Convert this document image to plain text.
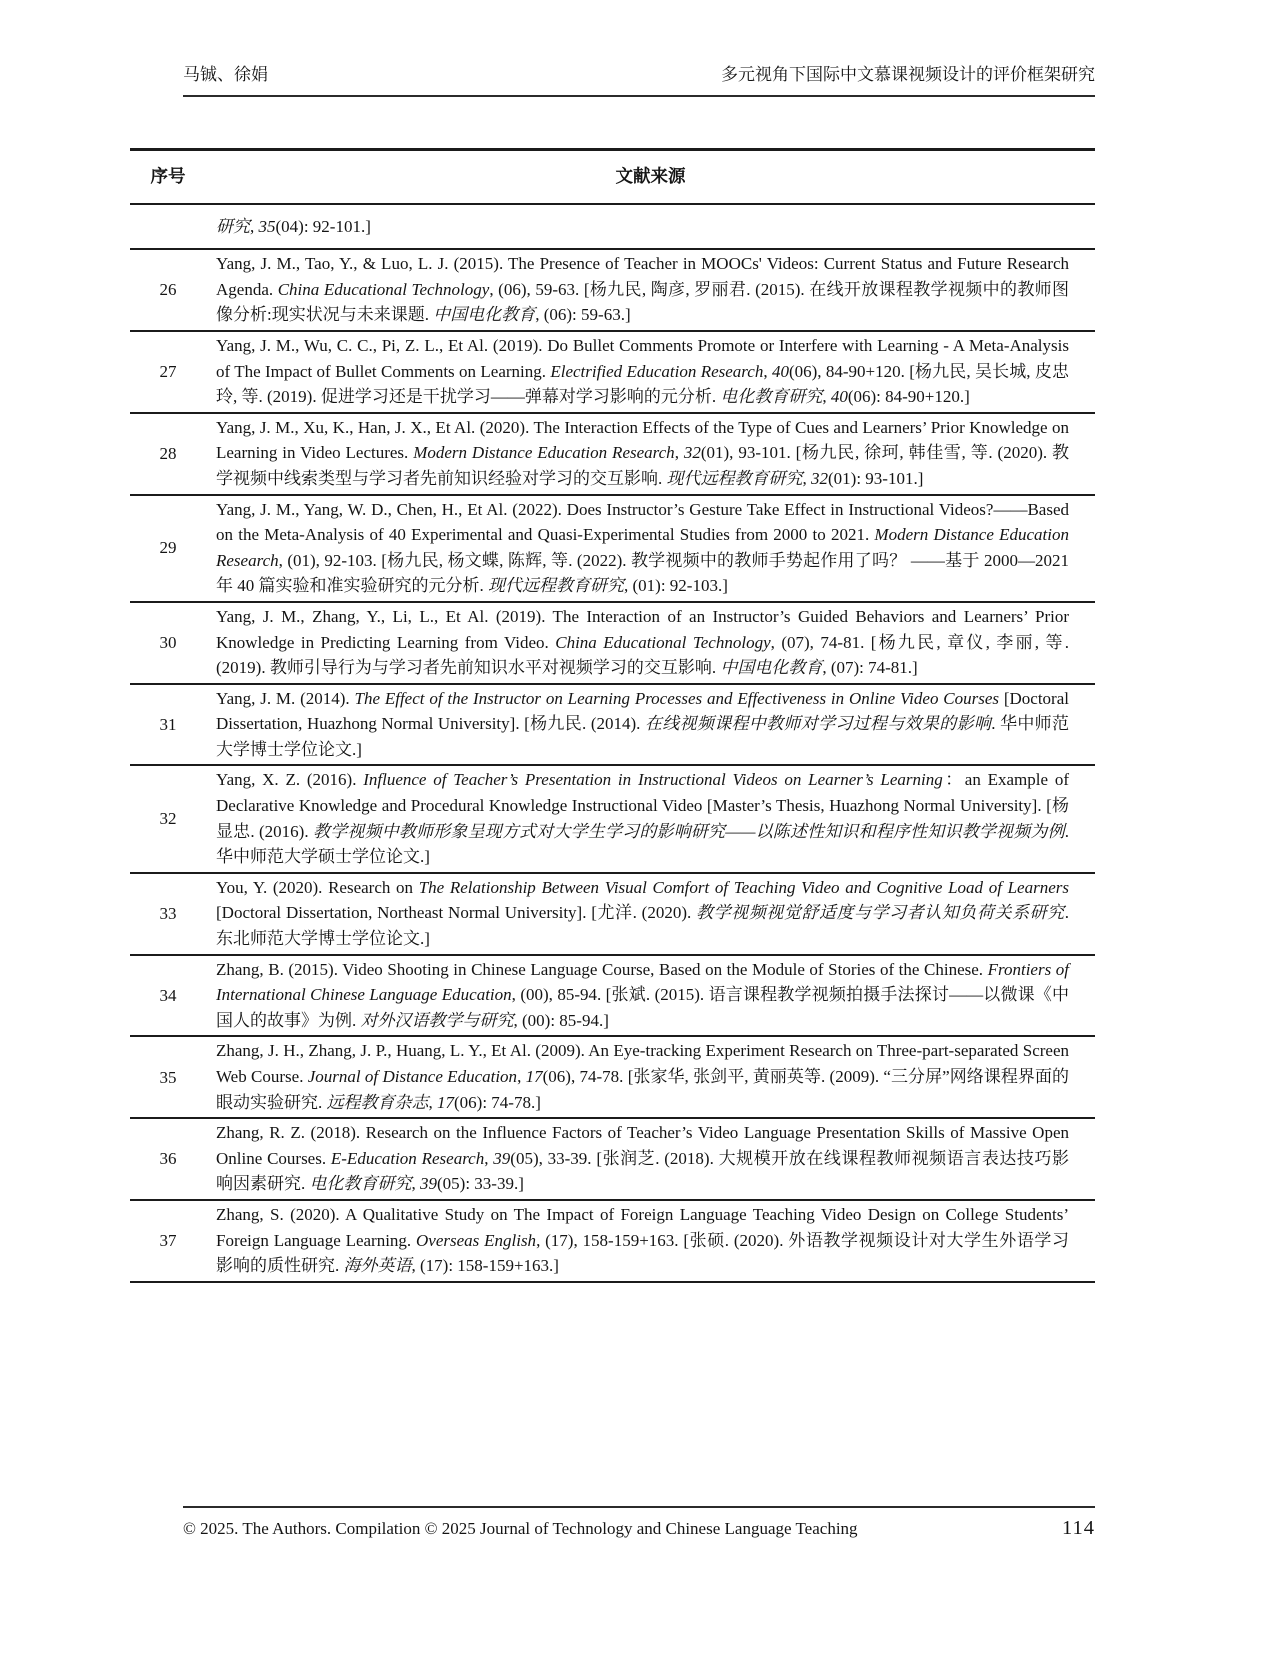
马铖、徐娟	多元视角下国际中文慕课视频设计的评价框架研究
序号	文献来源
	研究, 35(04): 92-101.]
26	Yang, J. M., Tao, Y., & Luo, L. J. (2015). The Presence of Teacher in MOOCs' Videos: Current Status and Future Research Agenda. China Educational Technology, (06), 59-63. [杨九民, 陶彦, 罗丽君. (2015). 在线开放课程教学视频中的教师图像分析:现实状况与未来课题. 中国电化教育, (06): 59-63.]
27	Yang, J. M., Wu, C. C., Pi, Z. L., Et Al. (2019). Do Bullet Comments Promote or Interfere with Learning - A Meta-Analysis of The Impact of Bullet Comments on Learning. Electrified Education Research, 40(06), 84-90+120. [杨九民, 吴长城, 皮忠玲, 等. (2019). 促进学习还是干扰学习——弹幕对学习影响的元分析. 电化教育研究, 40(06): 84-90+120.]
28	Yang, J. M., Xu, K., Han, J. X., Et Al. (2020). The Interaction Effects of the Type of Cues and Learners’ Prior Knowledge on Learning in Video Lectures. Modern Distance Education Research, 32(01), 93-101. [杨九民, 徐珂, 韩佳雪, 等. (2020). 教学视频中线索类型与学习者先前知识经验对学习的交互影响. 现代远程教育研究, 32(01): 93-101.]
29	Yang, J. M., Yang, W. D., Chen, H., Et Al. (2022). Does Instructor’s Gesture Take Effect in Instructional Videos?——Based on the Meta-Analysis of 40 Experimental and Quasi-Experimental Studies from 2000 to 2021. Modern Distance Education Research, (01), 92-103. [杨九民, 杨文蝶, 陈辉, 等. (2022). 教学视频中的教师手势起作用了吗？ ——基于 2000—2021 年 40 篇实验和准实验研究的元分析. 现代远程教育研究, (01): 92-103.]
30	Yang, J. M., Zhang, Y., Li, L., Et Al. (2019). The Interaction of an Instructor’s Guided Behaviors and Learners’ Prior Knowledge in Predicting Learning from Video. China Educational Technology, (07), 74-81. [杨九民, 章仪, 李丽, 等. (2019). 教师引导行为与学习者先前知识水平对视频学习的交互影响. 中国电化教育, (07): 74-81.]
31	Yang, J. M. (2014). The Effect of the Instructor on Learning Processes and Effectiveness in Online Video Courses [Doctoral Dissertation, Huazhong Normal University]. [杨九民. (2014). 在线视频课程中教师对学习过程与效果的影响. 华中师范大学博士学位论文.]
32	Yang, X. Z. (2016). Influence of Teacher’s Presentation in Instructional Videos on Learner’s Learning：an Example of Declarative Knowledge and Procedural Knowledge Instructional Video [Master’s Thesis, Huazhong Normal University]. [杨显忠. (2016). 教学视频中教师形象呈现方式对大学生学习的影响研究——以陈述性知识和程序性知识教学视频为例. 华中师范大学硕士学位论文.]
33	You, Y. (2020). Research on The Relationship Between Visual Comfort of Teaching Video and Cognitive Load of Learners [Doctoral Dissertation, Northeast Normal University]. [尤洋. (2020). 教学视频视觉舒适度与学习者认知负荷关系研究. 东北师范大学博士学位论文.]
34	Zhang, B. (2015). Video Shooting in Chinese Language Course, Based on the Module of Stories of the Chinese. Frontiers of International Chinese Language Education, (00), 85-94. [张斌. (2015). 语言课程教学视频拍摄手法探讨——以微课《中国人的故事》为例. 对外汉语教学与研究, (00): 85-94.]
35	Zhang, J. H., Zhang, J. P., Huang, L. Y., Et Al. (2009). An Eye-tracking Experiment Research on Three-part-separated Screen Web Course. Journal of Distance Education, 17(06), 74-78. [张家华, 张剑平, 黄丽英等. (2009). “三分屏”网络课程界面的眼动实验研究. 远程教育杂志, 17(06): 74-78.]
36	Zhang, R. Z. (2018). Research on the Influence Factors of Teacher’s Video Language Presentation Skills of Massive Open Online Courses. E-Education Research, 39(05), 33-39. [张润芝. (2018). 大规模开放在线课程教师视频语言表达技巧影响因素研究. 电化教育研究, 39(05): 33-39.]
37	Zhang, S. (2020). A Qualitative Study on The Impact of Foreign Language Teaching Video Design on College Students’ Foreign Language Learning. Overseas English, (17), 158-159+163. [张硕. (2020). 外语教学视频设计对大学生外语学习影响的质性研究. 海外英语, (17): 158-159+163.]
© 2025. The Authors. Compilation © 2025 Journal of Technology and Chinese Language Teaching	114
